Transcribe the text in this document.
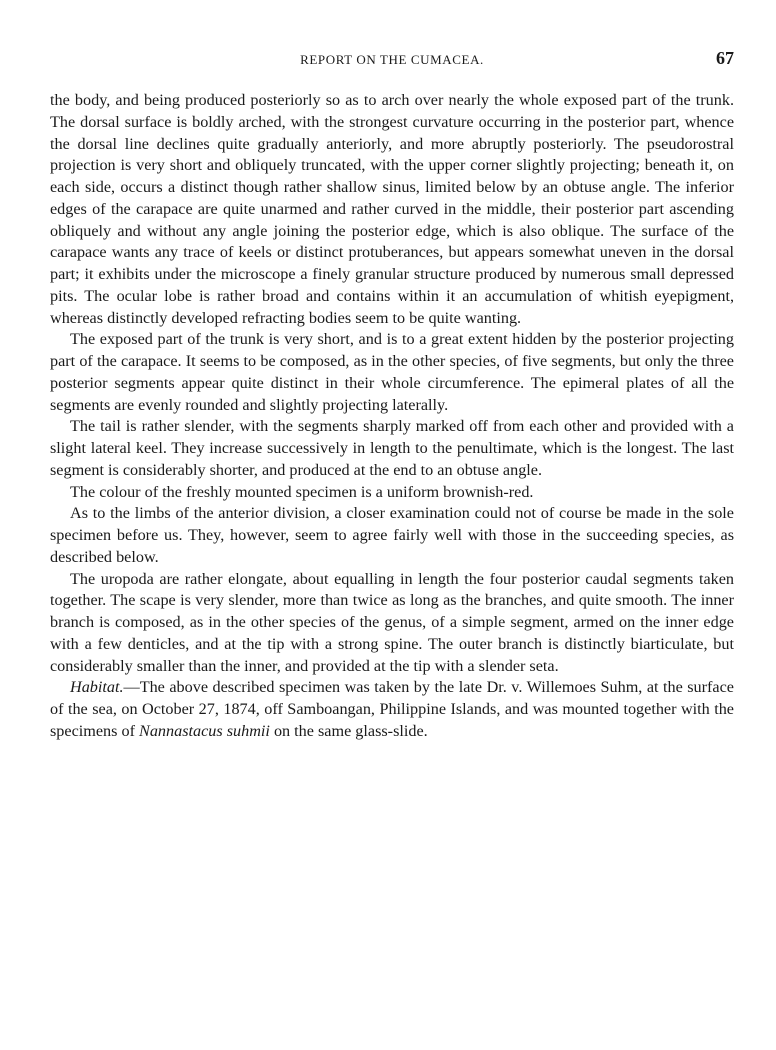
REPORT ON THE CUMACEA.	67

the body, and being produced posteriorly so as to arch over nearly the whole exposed part of the trunk. The dorsal surface is boldly arched, with the strongest curvature occurring in the posterior part, whence the dorsal line declines quite gradually anteriorly, and more abruptly posteriorly. The pseudorostral projection is very short and obliquely truncated, with the upper corner slightly projecting; beneath it, on each side, occurs a distinct though rather shallow sinus, limited below by an obtuse angle. The inferior edges of the carapace are quite unarmed and rather curved in the middle, their posterior part ascending obliquely and without any angle joining the posterior edge, which is also oblique. The surface of the carapace wants any trace of keels or distinct protuberances, but appears somewhat uneven in the dorsal part; it exhibits under the microscope a finely granular structure produced by numerous small depressed pits. The ocular lobe is rather broad and contains within it an accumulation of whitish eyepigment, whereas distinctly developed refracting bodies seem to be quite wanting.

The exposed part of the trunk is very short, and is to a great extent hidden by the posterior projecting part of the carapace. It seems to be composed, as in the other species, of five segments, but only the three posterior segments appear quite distinct in their whole circumference. The epimeral plates of all the segments are evenly rounded and slightly projecting laterally.

The tail is rather slender, with the segments sharply marked off from each other and provided with a slight lateral keel. They increase successively in length to the penultimate, which is the longest. The last segment is considerably shorter, and produced at the end to an obtuse angle.

The colour of the freshly mounted specimen is a uniform brownish-red.

As to the limbs of the anterior division, a closer examination could not of course be made in the sole specimen before us. They, however, seem to agree fairly well with those in the succeeding species, as described below.

The uropoda are rather elongate, about equalling in length the four posterior caudal segments taken together. The scape is very slender, more than twice as long as the branches, and quite smooth. The inner branch is composed, as in the other species of the genus, of a simple segment, armed on the inner edge with a few denticles, and at the tip with a strong spine. The outer branch is distinctly biarticulate, but considerably smaller than the inner, and provided at the tip with a slender seta.

Habitat.—The above described specimen was taken by the late Dr. v. Willemoes Suhm, at the surface of the sea, on October 27, 1874, off Samboangan, Philippine Islands, and was mounted together with the specimens of Nannastacus suhmii on the same glass-slide.
